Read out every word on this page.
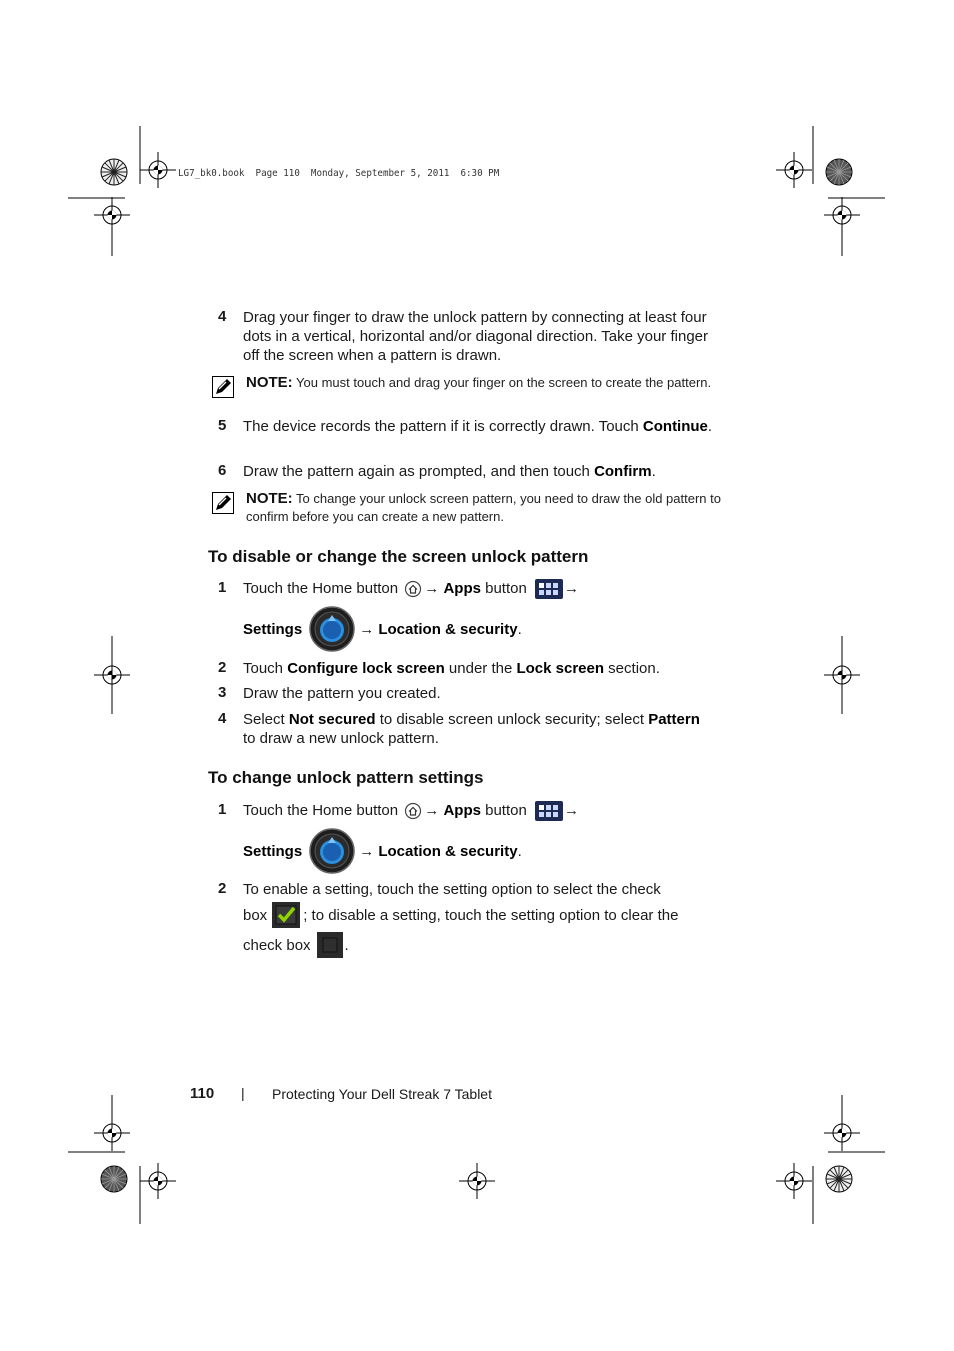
LG7_bk0.book  Page 110  Monday, September 5, 2011  6:30 PM
4 Drag your finger to draw the unlock pattern by connecting at least four dots in a vertical, horizontal and/or diagonal direction. Take your finger off the screen when a pattern is drawn.
NOTE: You must touch and drag your finger on the screen to create the pattern.
5 The device records the pattern if it is correctly drawn. Touch Continue.
6 Draw the pattern again as prompted, and then touch Confirm.
NOTE: To change your unlock screen pattern, you need to draw the old pattern to confirm before you can create a new pattern.
To disable or change the screen unlock pattern
1 Touch the Home button → Apps button →
Settings	→
Location & security .
2 Touch Configure lock screen under the Lock screen section.
3 Draw the pattern you created.
4 Select Not secured to disable screen unlock security; select Pattern to draw a new unlock pattern.
To change unlock pattern settings
1 Touch the Home button → Apps button →
Settings	→
Location & security .
2 To enable a setting, touch the setting option to select the check
box ; to disable a setting, touch the setting option to clear the
check box .
110 | Protecting Your Dell Streak 7 Tablet
